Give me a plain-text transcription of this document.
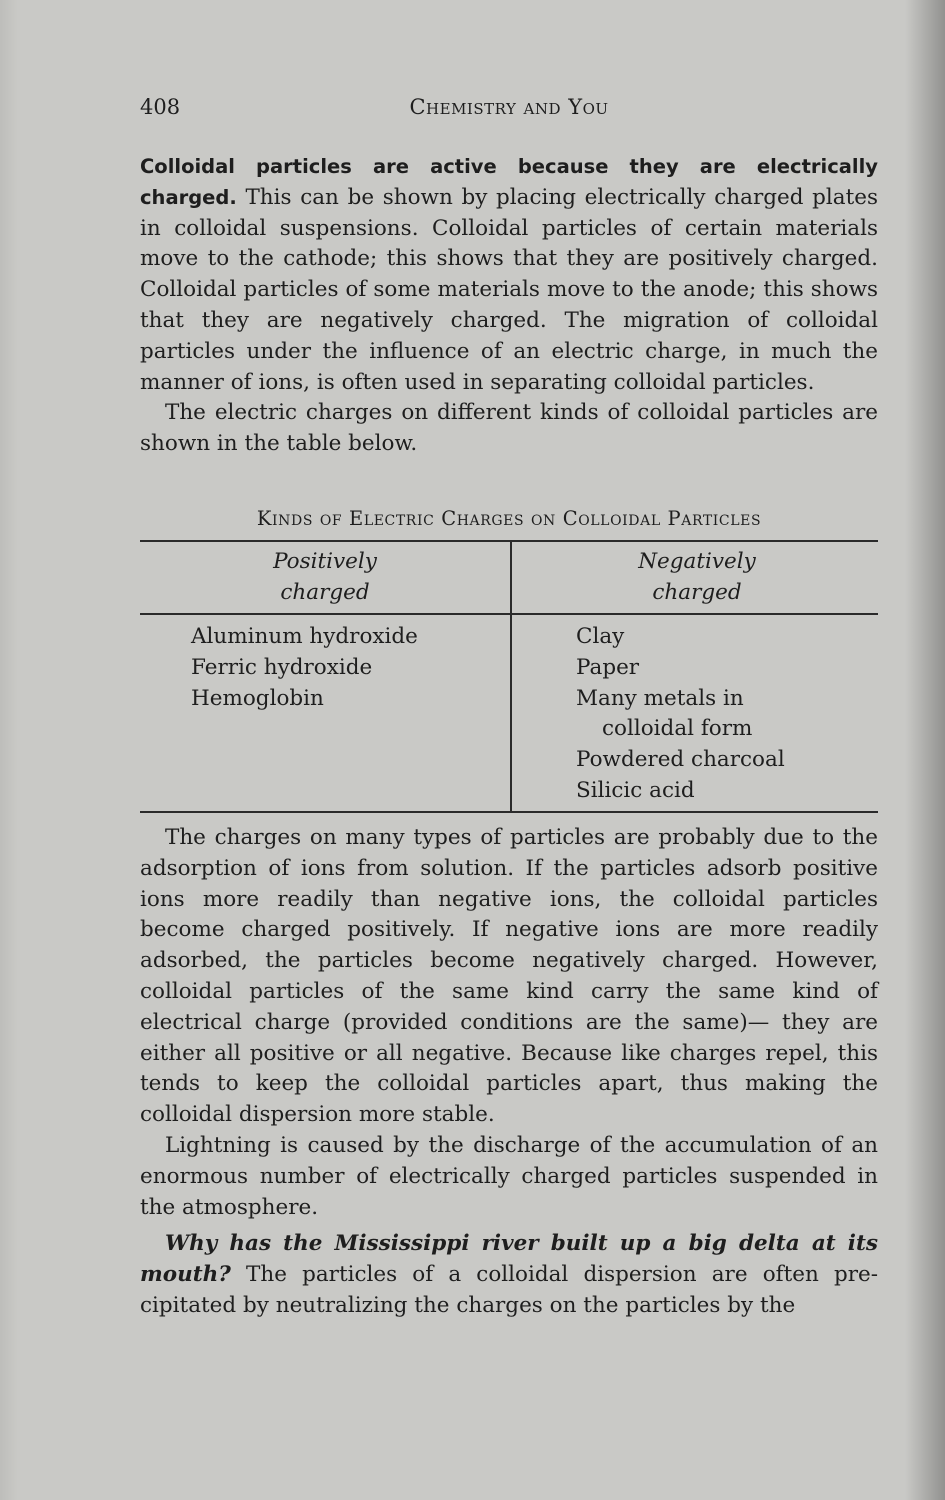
408	Chemistry and You

Colloidal particles are active because they are electrically charged. This can be shown by placing electrically charged plates in colloidal suspensions. Colloidal particles of certain materials move to the cathode; this shows that they are positively charged. Colloidal particles of some materials move to the anode; this shows that they are negatively charged. The migration of colloidal particles under the influence of an electric charge, in much the manner of ions, is often used in separating colloidal particles.

The electric charges on different kinds of colloidal particles are shown in the table below.

Kinds of Electric Charges on Colloidal Particles
Positively charged
Negatively charged
Aluminum hydroxide
Ferric hydroxide
Hemoglobin
Clay
Paper
Many metals in colloidal form
Powdered charcoal
Silicic acid

The charges on many types of particles are probably due to the adsorption of ions from solution. If the particles adsorb positive ions more readily than negative ions, the colloidal particles become charged positively. If negative ions are more readily adsorbed, the particles become negatively charged. However, colloidal particles of the same kind carry the same kind of electrical charge (provided conditions are the same)— they are either all positive or all negative. Because like charges repel, this tends to keep the colloidal particles apart, thus making the colloidal dispersion more stable.

Lightning is caused by the discharge of the accumulation of an enormous number of electrically charged particles suspended in the atmosphere.

Why has the Mississippi river built up a big delta at its mouth? The particles of a colloidal dispersion are often precipitated by neutralizing the charges on the particles by the
